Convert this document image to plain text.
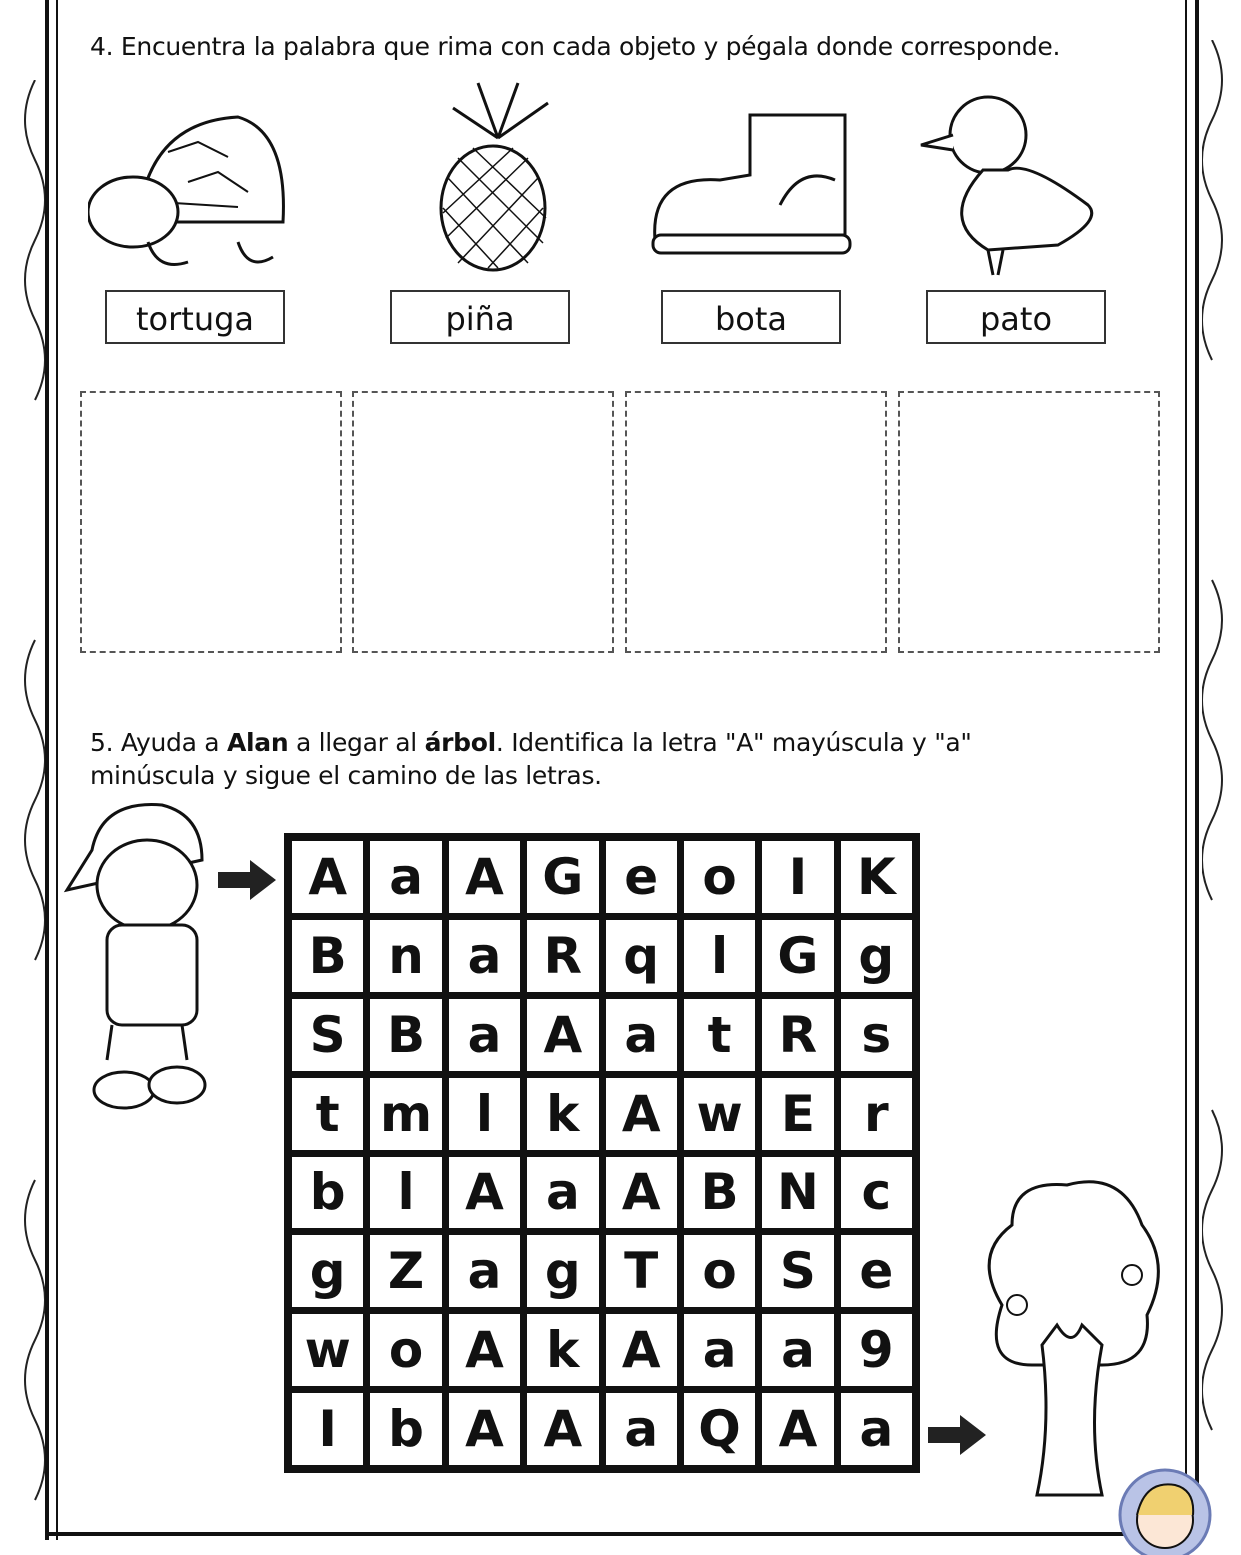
4. Encuentra la palabra que rima con cada objeto y pégala donde corresponde.
tortuga	piña	bota	pato
5. Ayuda a Alan a llegar al árbol. Identifica la letra "A" mayúscula y "a" minúscula y sigue el camino de las letras.
A a A G e o	I K
B n a R q	l G g
S B a A a t R s
t m l	k A w E r
b	l	A a A B N c
g Z a g T o S e
w o A k A a a 9
I	b A A a Q A a
